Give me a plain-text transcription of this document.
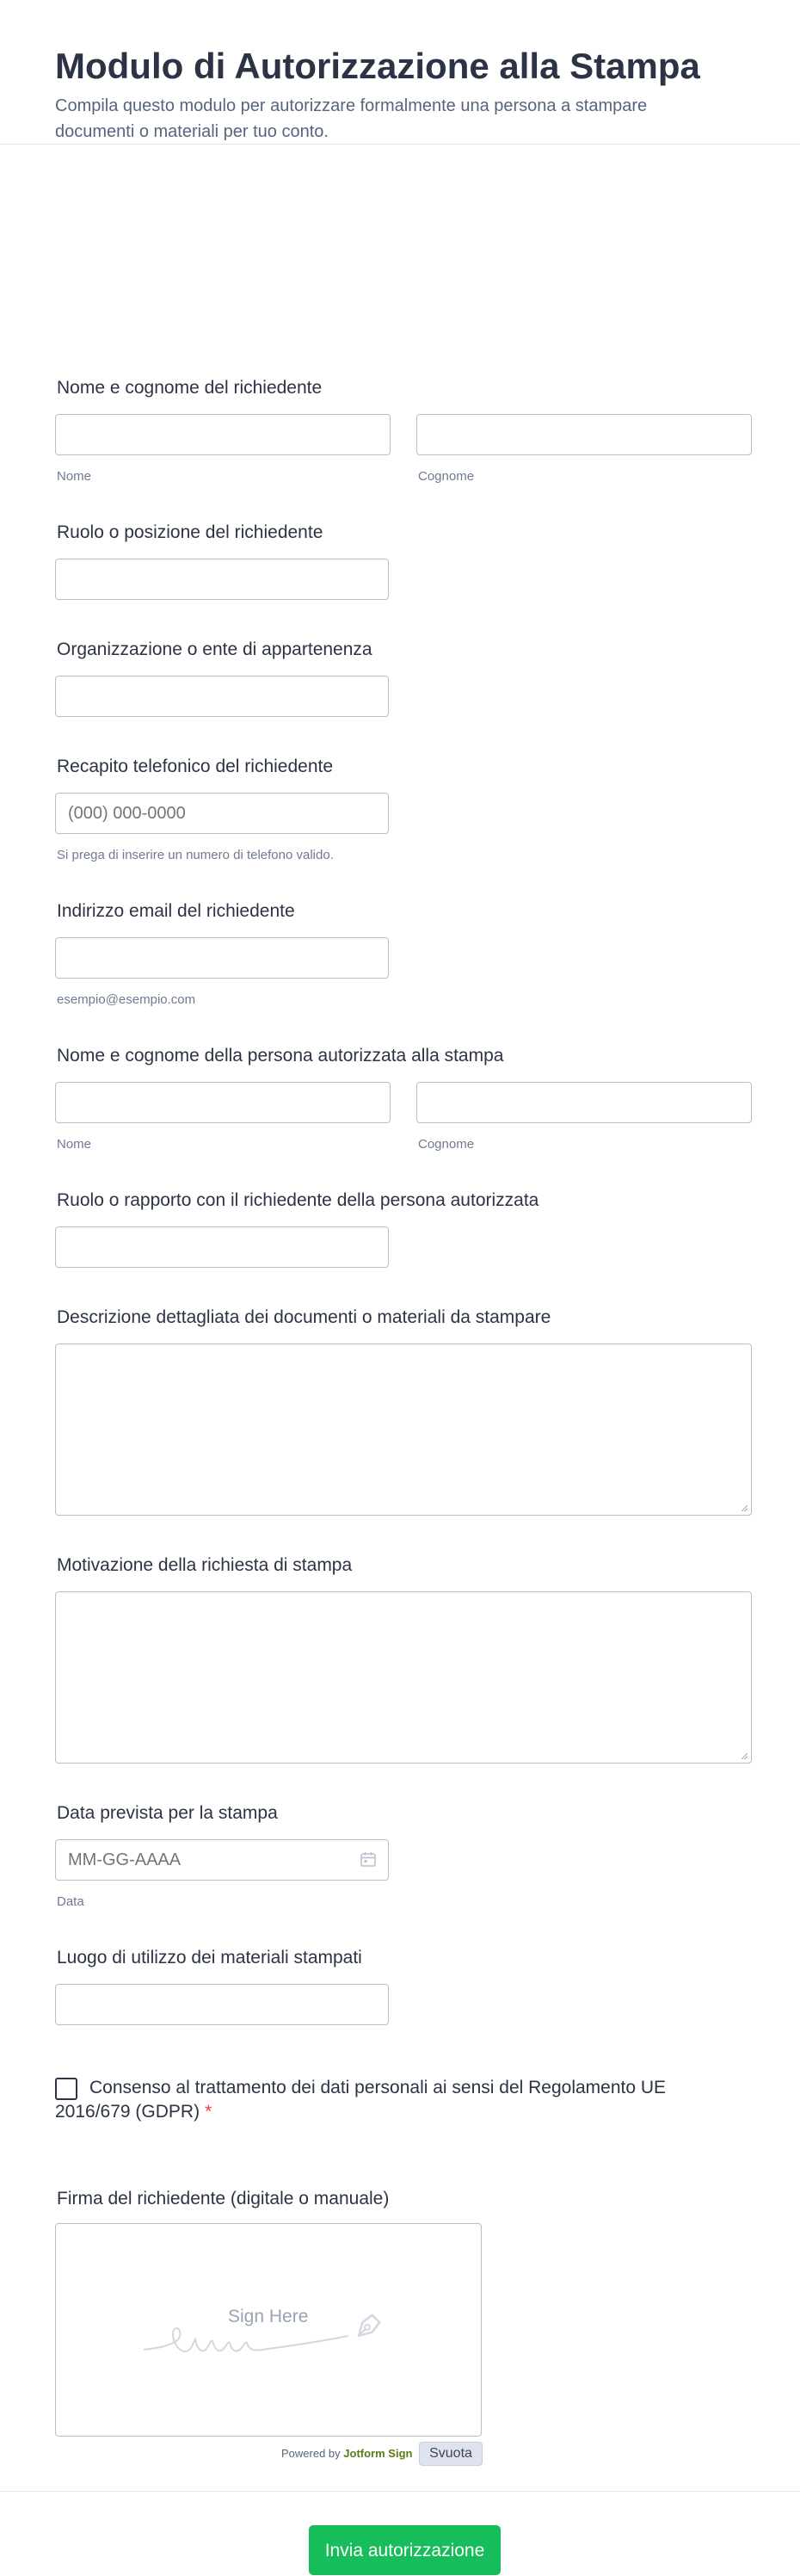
Modulo di Autorizzazione alla Stampa
Compila questo modulo per autorizzare formalmente una persona a stampare documenti o materiali per tuo conto.
Nome e cognome del richiedente
Nome	Cognome
Ruolo o posizione del richiedente
Organizzazione o ente di appartenenza
Recapito telefonico del richiedente
(000) 000-0000
Si prega di inserire un numero di telefono valido.
Indirizzo email del richiedente
esempio@esempio.com
Nome e cognome della persona autorizzata alla stampa
Nome	Cognome
Ruolo o rapporto con il richiedente della persona autorizzata
Descrizione dettagliata dei documenti o materiali da stampare
Motivazione della richiesta di stampa
Data prevista per la stampa
MM-GG-AAAA
Data
Luogo di utilizzo dei materiali stampati
Consenso al trattamento dei dati personali ai sensi del Regolamento UE 2016/679 (GDPR) *
Firma del richiedente (digitale o manuale)
Sign Here
Powered by Jotform Sign	Svuota
Invia autorizzazione
